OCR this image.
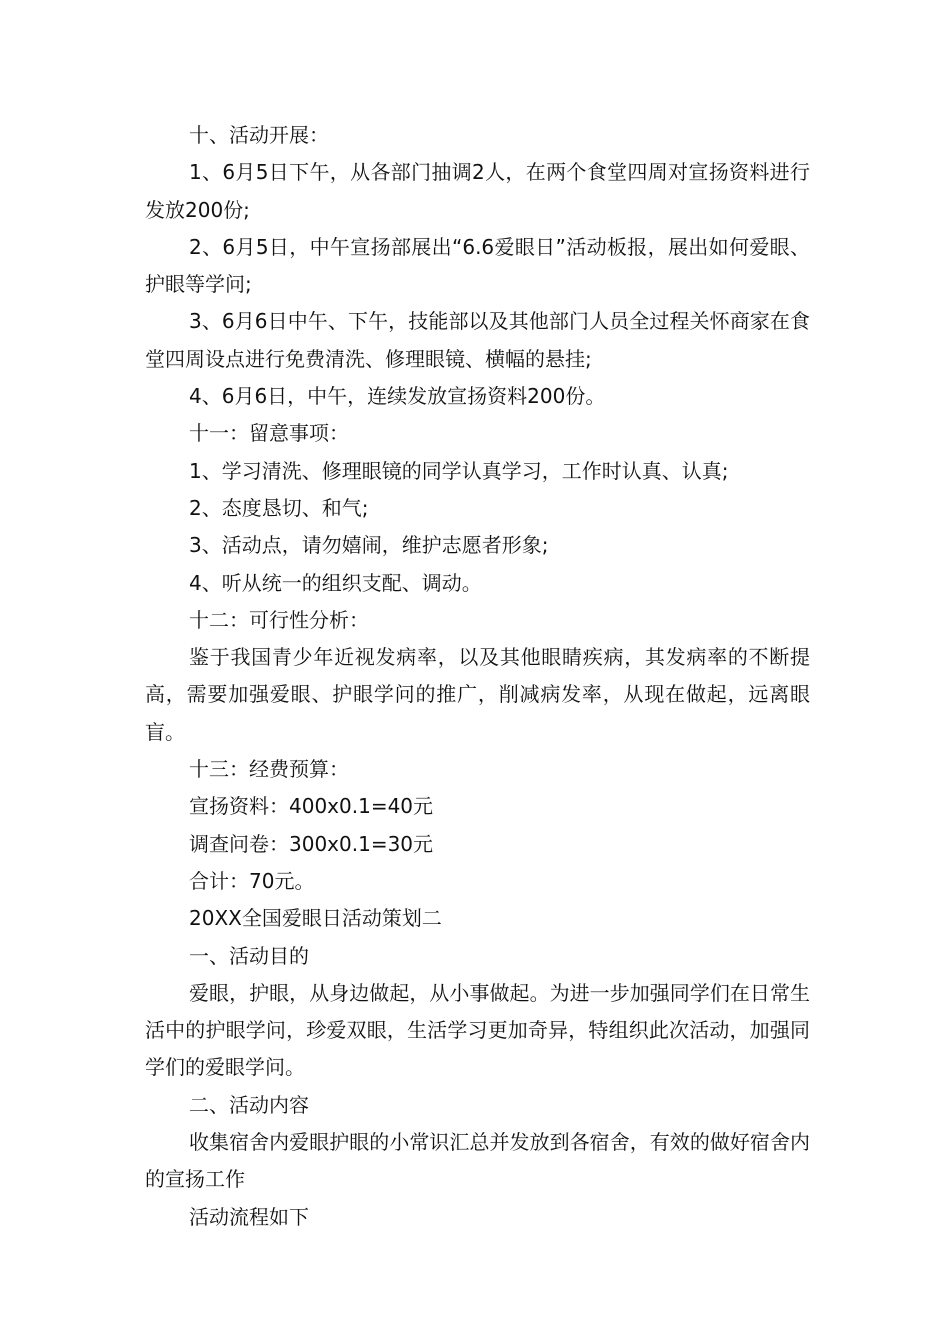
十、活动开展：

1、6月5日下午，从各部门抽调2人，在两个食堂四周对宣扬资料进行发放200份;

2、6月5日，中午宣扬部展出“6.6爱眼日”活动板报，展出如何爱眼、护眼等学问;

3、6月6日中午、下午，技能部以及其他部门人员全过程关怀商家在食堂四周设点进行免费清洗、修理眼镜、横幅的悬挂;

4、6月6日，中午，连续发放宣扬资料200份。

十一：留意事项：

1、学习清洗、修理眼镜的同学认真学习，工作时认真、认真;

2、态度恳切、和气;

3、活动点，请勿嬉闹，维护志愿者形象;

4、听从统一的组织支配、调动。

十二：可行性分析：

鉴于我国青少年近视发病率，以及其他眼睛疾病，其发病率的不断提高，需要加强爱眼、护眼学问的推广，削减病发率，从现在做起，远离眼盲。

十三：经费预算：

宣扬资料：400x0.1=40元

调查问卷：300x0.1=30元

合计：70元。

20XX全国爱眼日活动策划二

一、活动目的

爱眼，护眼，从身边做起，从小事做起。为进一步加强同学们在日常生活中的护眼学问，珍爱双眼，生活学习更加奇异，特组织此次活动，加强同学们的爱眼学问。

二、活动内容

收集宿舍内爱眼护眼的小常识汇总并发放到各宿舍，有效的做好宿舍内的宣扬工作

活动流程如下
